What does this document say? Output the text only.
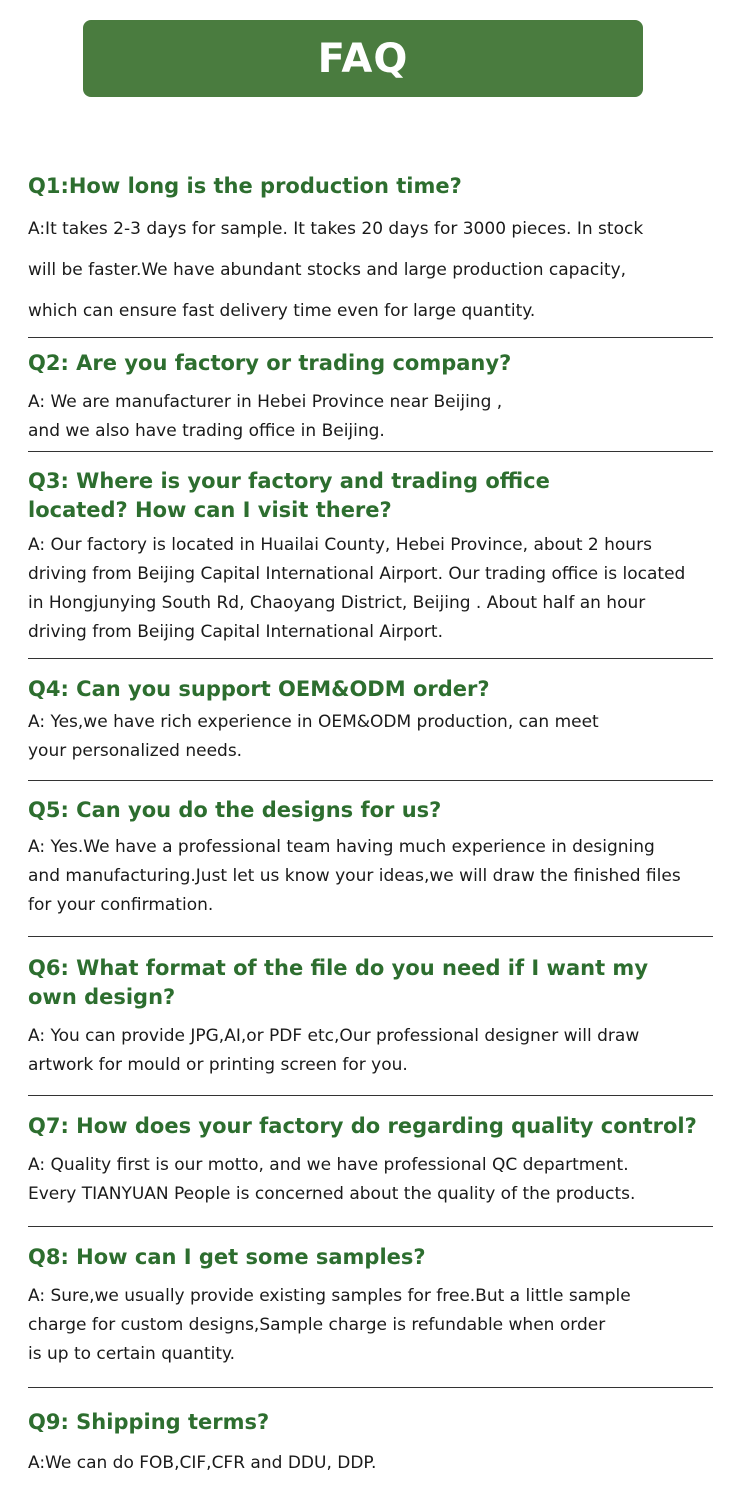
FAQ

Q1:How long is the production time?

A:It takes 2-3 days for sample. It takes 20 days for 3000 pieces. In stock
will be faster.We have abundant stocks and large production capacity,
which can ensure fast delivery time even for large quantity.

Q2: Are you factory or trading company?

A: We are manufacturer in Hebei Province near Beijing ,
and we also have trading office in Beijing.

Q3: Where is your factory and trading office
located? How can I visit there?

A: Our factory is located in Huailai County, Hebei Province, about 2 hours
driving from Beijing Capital International Airport. Our trading office is located
in Hongjunying South Rd, Chaoyang District, Beijing . About half an hour
driving from Beijing Capital International Airport.

Q4: Can you support OEM&ODM order?

A: Yes,we have rich experience in OEM&ODM production, can meet
your personalized needs.

Q5: Can you do the designs for us?

A: Yes.We have a professional team having much experience in designing
and manufacturing.Just let us know your ideas,we will draw the finished files
for your confirmation.

Q6: What format of the file do you need if I want my
own design?

A: You can provide JPG,AI,or PDF etc,Our professional designer will draw
artwork for mould or printing screen for you.

Q7: How does your factory do regarding quality control?

A: Quality first is our motto, and we have professional QC department.
Every TIANYUAN People is concerned about the quality of the products.

Q8: How can I get some samples?

A: Sure,we usually provide existing samples for free.But a little sample
charge for custom designs,Sample charge is refundable when order
is up to certain quantity.

Q9: Shipping terms?

A:We can do FOB,CIF,CFR and DDU, DDP.
